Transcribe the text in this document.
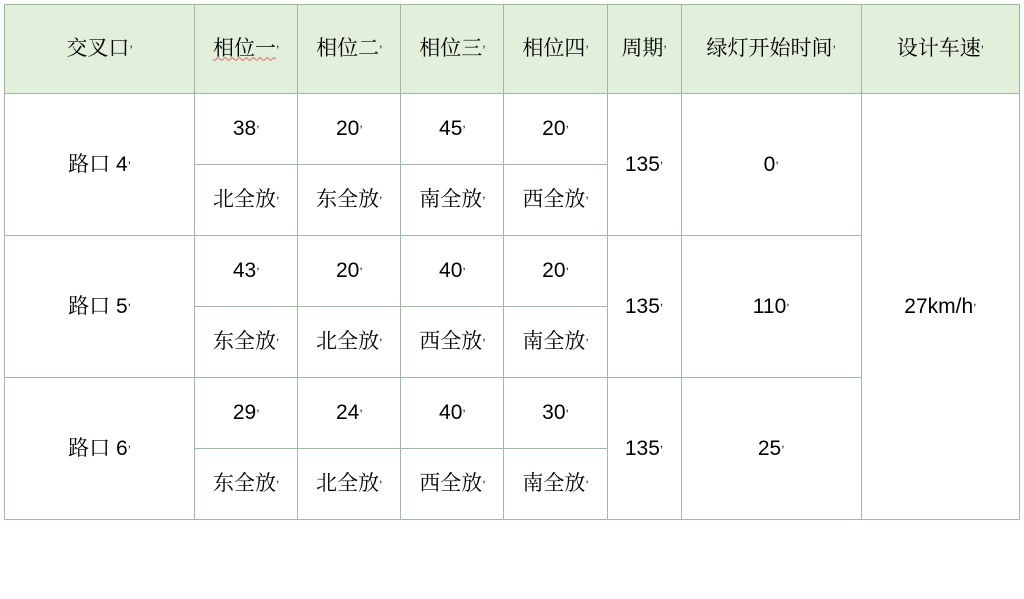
交叉口,	相位一,	相位二,	相位三,	相位四,	周期,	绿灯开始时间,	设计车速,
路口 4,	38,	20,	45,	20,	135,	0,	27km/h,
	北全放,	东全放,	南全放,	西全放,
路口 5,	43,	20,	40,	20,	135,	110,
	东全放,	北全放,	西全放,	南全放,
路口 6,	29,	24,	40,	30,	135,	25,
	东全放,	北全放,	西全放,	南全放,
